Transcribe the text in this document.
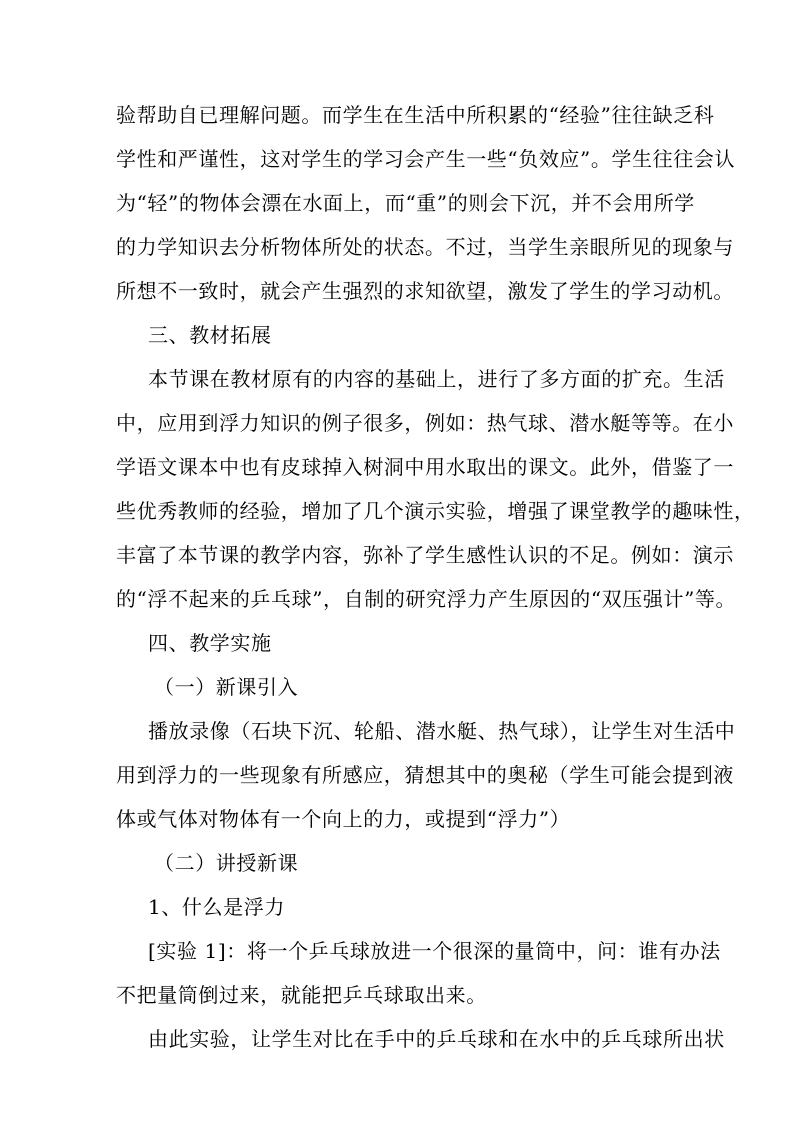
验帮助自已理解问题。而学生在生活中所积累的“经验”往往缺乏科
学性和严谨性，这对学生的学习会产生一些“负效应”。学生往往会认
为“轻”的物体会漂在水面上，而“重”的则会下沉，并不会用所学
的力学知识去分析物体所处的状态。不过，当学生亲眼所见的现象与
所想不一致时，就会产生强烈的求知欲望，激发了学生的学习动机。
三、教材拓展
本节课在教材原有的内容的基础上，进行了多方面的扩充。生活
中，应用到浮力知识的例子很多，例如：热气球、潜水艇等等。在小
学语文课本中也有皮球掉入树洞中用水取出的课文。此外，借鉴了一
些优秀教师的经验，增加了几个演示实验，增强了课堂教学的趣味性，
丰富了本节课的教学内容，弥补了学生感性认识的不足。例如：演示
的“浮不起来的乒乓球”，自制的研究浮力产生原因的“双压强计”等。
四、教学实施
（一）新课引入
播放录像（石块下沉、轮船、潜水艇、热气球），让学生对生活中
用到浮力的一些现象有所感应，猜想其中的奥秘（学生可能会提到液
体或气体对物体有一个向上的力，或提到“浮力”）
（二）讲授新课
1、什么是浮力
[实验 1]：将一个乒乓球放进一个很深的量筒中，问：谁有办法
不把量筒倒过来，就能把乒乓球取出来。
由此实验，让学生对比在手中的乒乓球和在水中的乒乓球所出状
